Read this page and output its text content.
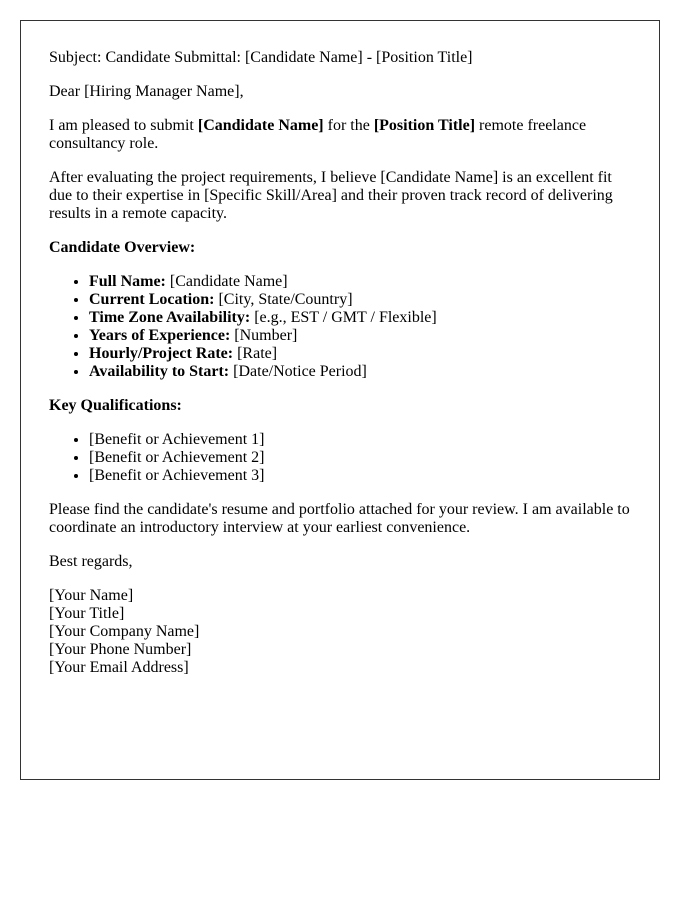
Subject: Candidate Submittal: [Candidate Name] - [Position Title]

Dear [Hiring Manager Name],

I am pleased to submit [Candidate Name] for the [Position Title] remote freelance consultancy role.

After evaluating the project requirements, I believe [Candidate Name] is an excellent fit due to their expertise in [Specific Skill/Area] and their proven track record of delivering results in a remote capacity.

Candidate Overview:

• Full Name: [Candidate Name]
• Current Location: [City, State/Country]
• Time Zone Availability: [e.g., EST / GMT / Flexible]
• Years of Experience: [Number]
• Hourly/Project Rate: [Rate]
• Availability to Start: [Date/Notice Period]

Key Qualifications:

• [Benefit or Achievement 1]
• [Benefit or Achievement 2]
• [Benefit or Achievement 3]

Please find the candidate's resume and portfolio attached for your review. I am available to coordinate an introductory interview at your earliest convenience.

Best regards,

[Your Name]
[Your Title]
[Your Company Name]
[Your Phone Number]
[Your Email Address]
